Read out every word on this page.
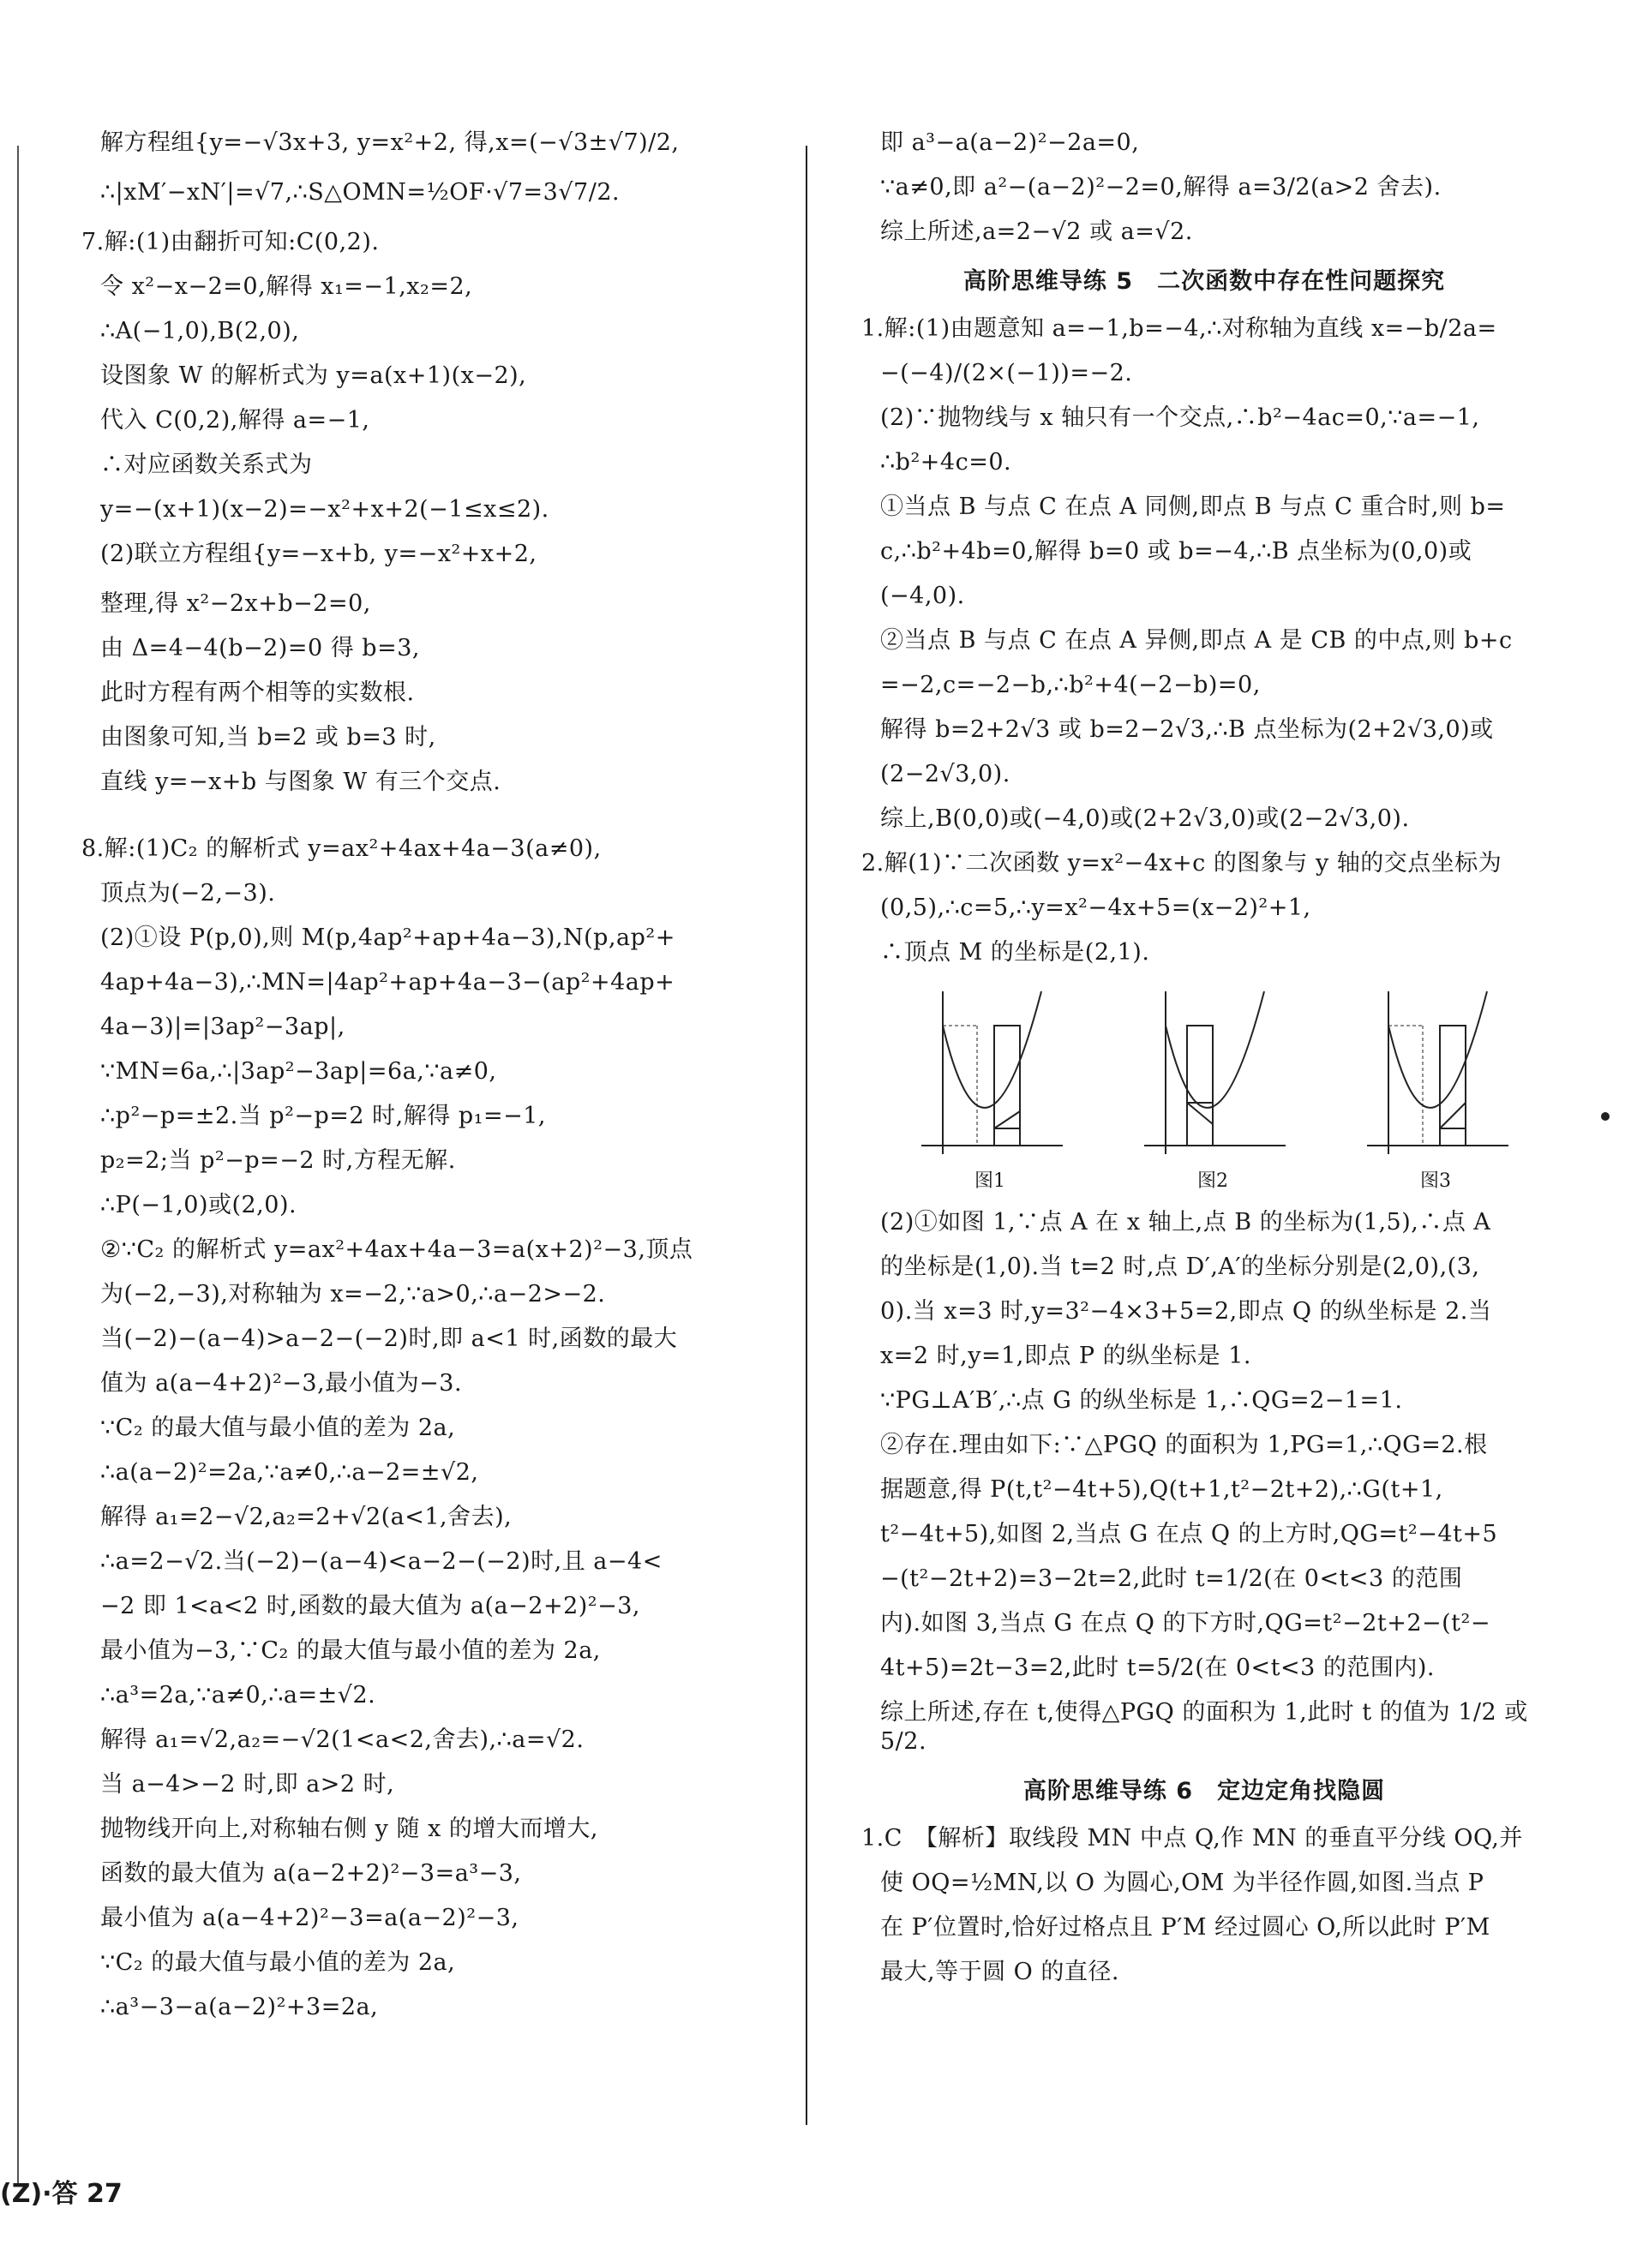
解方程组{y=−√3x+3, y=x²+2, 得,x=(−√3±√7)/2,
∴|xM′−xN′|=√7,∴S△OMN=½OF·√7=3√7/2.
7.解:(1)由翻折可知:C(0,2).
令 x²−x−2=0,解得 x₁=−1,x₂=2,
∴A(−1,0),B(2,0),
设图象 W 的解析式为 y=a(x+1)(x−2),
代入 C(0,2),解得 a=−1,
∴对应函数关系式为
y=−(x+1)(x−2)=−x²+x+2(−1≤x≤2).
(2)联立方程组{y=−x+b, y=−x²+x+2,
整理,得 x²−2x+b−2=0,
由 Δ=4−4(b−2)=0 得 b=3,
此时方程有两个相等的实数根.
由图象可知,当 b=2 或 b=3 时,
直线 y=−x+b 与图象 W 有三个交点.
8.解:(1)C₂ 的解析式 y=ax²+4ax+4a−3(a≠0),
顶点为(−2,−3).
(2)①设 P(p,0),则 M(p,4ap²+ap+4a−3),N(p,ap²+
4ap+4a−3),∴MN=|4ap²+ap+4a−3−(ap²+4ap+
4a−3)|=|3ap²−3ap|,
∵MN=6a,∴|3ap²−3ap|=6a,∵a≠0,
∴p²−p=±2.当 p²−p=2 时,解得 p₁=−1,
p₂=2;当 p²−p=−2 时,方程无解.
∴P(−1,0)或(2,0).
②∵C₂ 的解析式 y=ax²+4ax+4a−3=a(x+2)²−3,顶点
为(−2,−3),对称轴为 x=−2,∵a>0,∴a−2>−2.
当(−2)−(a−4)>a−2−(−2)时,即 a<1 时,函数的最大
值为 a(a−4+2)²−3,最小值为−3.
∵C₂ 的最大值与最小值的差为 2a,
∴a(a−2)²=2a,∵a≠0,∴a−2=±√2,
解得 a₁=2−√2,a₂=2+√2(a<1,舍去),
∴a=2−√2.当(−2)−(a−4)<a−2−(−2)时,且 a−4<
−2 即 1<a<2 时,函数的最大值为 a(a−2+2)²−3,
最小值为−3,∵C₂ 的最大值与最小值的差为 2a,
∴a³=2a,∵a≠0,∴a=±√2.
解得 a₁=√2,a₂=−√2(1<a<2,舍去),∴a=√2.
当 a−4>−2 时,即 a>2 时,
抛物线开向上,对称轴右侧 y 随 x 的增大而增大,
函数的最大值为 a(a−2+2)²−3=a³−3,
最小值为 a(a−4+2)²−3=a(a−2)²−3,
∵C₂ 的最大值与最小值的差为 2a,
∴a³−3−a(a−2)²+3=2a,
即 a³−a(a−2)²−2a=0,
∵a≠0,即 a²−(a−2)²−2=0,解得 a=3/2(a>2 舍去).
综上所述,a=2−√2 或 a=√2.
高阶思维导练 5　二次函数中存在性问题探究
1.解:(1)由题意知 a=−1,b=−4,∴对称轴为直线 x=−b/2a=
−(−4)/(2×(−1))=−2.
(2)∵抛物线与 x 轴只有一个交点,∴b²−4ac=0,∵a=−1,
∴b²+4c=0.
①当点 B 与点 C 在点 A 同侧,即点 B 与点 C 重合时,则 b=
c,∴b²+4b=0,解得 b=0 或 b=−4,∴B 点坐标为(0,0)或
(−4,0).
②当点 B 与点 C 在点 A 异侧,即点 A 是 CB 的中点,则 b+c
=−2,c=−2−b,∴b²+4(−2−b)=0,
解得 b=2+2√3 或 b=2−2√3,∴B 点坐标为(2+2√3,0)或
(2−2√3,0).
综上,B(0,0)或(−4,0)或(2+2√3,0)或(2−2√3,0).
2.解(1)∵二次函数 y=x²−4x+c 的图象与 y 轴的交点坐标为
(0,5),∴c=5,∴y=x²−4x+5=(x−2)²+1,
∴顶点 M 的坐标是(2,1).
图1	图2	图3
(2)①如图 1,∵点 A 在 x 轴上,点 B 的坐标为(1,5),∴点 A
的坐标是(1,0).当 t=2 时,点 D′,A′的坐标分别是(2,0),(3,
0).当 x=3 时,y=3²−4×3+5=2,即点 Q 的纵坐标是 2.当
x=2 时,y=1,即点 P 的纵坐标是 1.
∵PG⊥A′B′,∴点 G 的纵坐标是 1,∴QG=2−1=1.
②存在.理由如下:∵△PGQ 的面积为 1,PG=1,∴QG=2.根
据题意,得 P(t,t²−4t+5),Q(t+1,t²−2t+2),∴G(t+1,
t²−4t+5),如图 2,当点 G 在点 Q 的上方时,QG=t²−4t+5
−(t²−2t+2)=3−2t=2,此时 t=1/2(在 0<t<3 的范围
内).如图 3,当点 G 在点 Q 的下方时,QG=t²−2t+2−(t²−
4t+5)=2t−3=2,此时 t=5/2(在 0<t<3 的范围内).
综上所述,存在 t,使得△PGQ 的面积为 1,此时 t 的值为 1/2 或 5/2.
高阶思维导练 6　定边定角找隐圆
1.C　【解析】取线段 MN 中点 Q,作 MN 的垂直平分线 OQ,并
使 OQ=½MN,以 O 为圆心,OM 为半径作圆,如图.当点 P
在 P′位置时,恰好过格点且 P′M 经过圆心 O,所以此时 P′M
最大,等于圆 O 的直径.
(Z)·答 27
